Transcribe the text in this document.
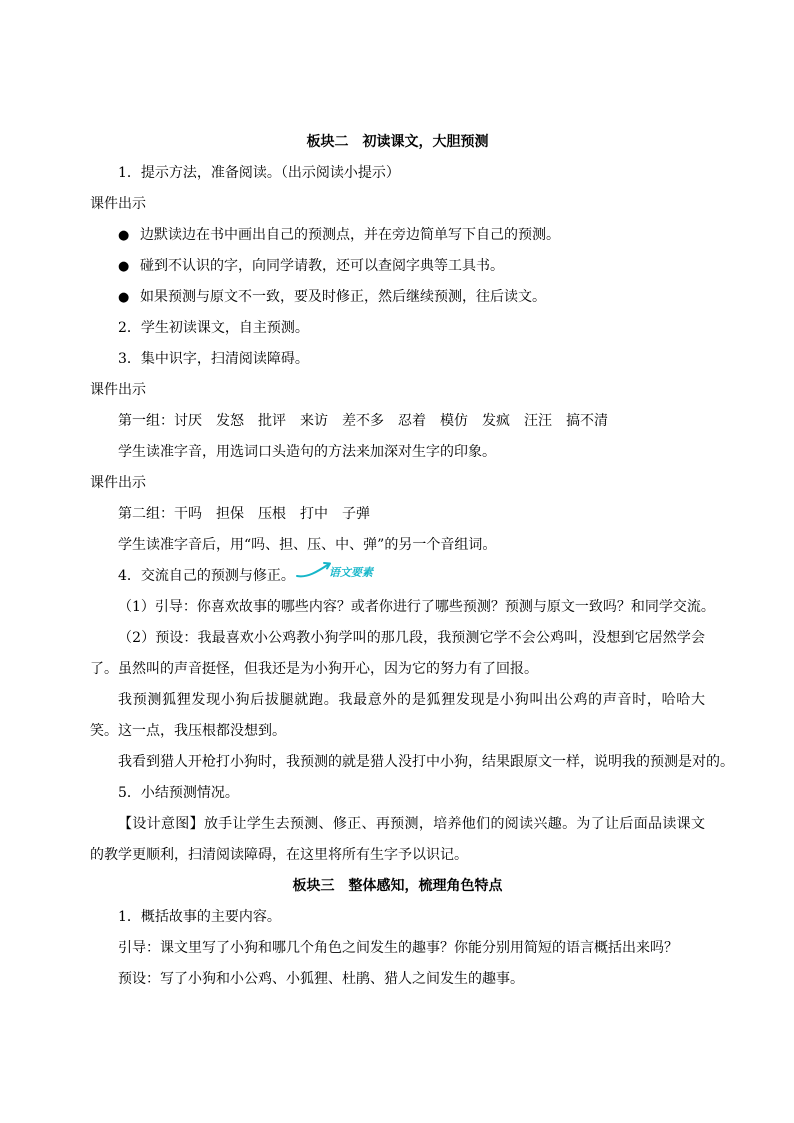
板块二　初读课文，大胆预测
1．提示方法，准备阅读。（出示阅读小提示）
课件出示
● 边默读边在书中画出自己的预测点，并在旁边简单写下自己的预测。
● 碰到不认识的字，向同学请教，还可以查阅字典等工具书。
● 如果预测与原文不一致，要及时修正，然后继续预测，往后读文。
2．学生初读课文，自主预测。
3．集中识字，扫清阅读障碍。
课件出示
第一组：讨厌　发怒　批评　来访　差不多　忍着　模仿　发疯　汪汪　搞不清
学生读准字音，用选词口头造句的方法来加深对生字的印象。
课件出示
第二组：干吗　担保　压根　打中　子弹
学生读准字音后，用“吗、担、压、中、弹”的另一个音组词。
4．交流自己的预测与修正。	语文要素
（1）引导：你喜欢故事的哪些内容？或者你进行了哪些预测？预测与原文一致吗？和同学交流。
（2）预设：我最喜欢小公鸡教小狗学叫的那几段，我预测它学不会公鸡叫，没想到它居然学会了。虽然叫的声音挺怪，但我还是为小狗开心，因为它的努力有了回报。
我预测狐狸发现小狗后拔腿就跑。我最意外的是狐狸发现是小狗叫出公鸡的声音时，哈哈大笑。这一点，我压根都没想到。
我看到猎人开枪打小狗时，我预测的就是猎人没打中小狗，结果跟原文一样，说明我的预测是对的。
5．小结预测情况。
【设计意图】放手让学生去预测、修正、再预测，培养他们的阅读兴趣。为了让后面品读课文的教学更顺利，扫清阅读障碍，在这里将所有生字予以识记。
板块三　整体感知，梳理角色特点
1．概括故事的主要内容。
引导：课文里写了小狗和哪几个角色之间发生的趣事？你能分别用简短的语言概括出来吗？
预设：写了小狗和小公鸡、小狐狸、杜鹃、猎人之间发生的趣事。
